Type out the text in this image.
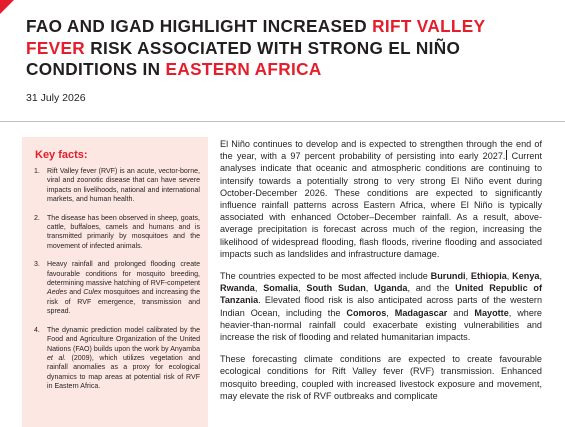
FAO AND IGAD HIGHLIGHT INCREASED RIFT VALLEY FEVER RISK ASSOCIATED WITH STRONG EL NIÑO CONDITIONS IN EASTERN AFRICA
31 July 2026
Key facts:
1.	Rift Valley fever (RVF) is an acute, vector-borne, viral and zoonotic disease that can have severe impacts on livelihoods, national and international markets, and human health.
2.	The disease has been observed in sheep, goats, cattle, buffaloes, camels and humans and is transmitted primarily by mosquitoes and the movement of infected animals.
3.	Heavy rainfall and prolonged flooding create favourable conditions for mosquito breeding, determining massive hatching of RVF-competent Aedes and Culex mosquitoes and increasing the risk of RVF emergence, transmission and spread.
4.	The dynamic prediction model calibrated by the Food and Agriculture Organization of the United Nations (FAO) builds upon the work by Anyamba et al. (2009), which utilizes vegetation and rainfall anomalies as a proxy for ecological dynamics to map areas at potential risk of RVF in Eastern Africa.

El Niño continues to develop and is expected to strengthen through the end of the year, with a 97 percent probability of persisting into early 2027. Current analyses indicate that oceanic and atmospheric conditions are continuing to intensify towards a potentially strong to very strong El Niño event during October-December 2026. These conditions are expected to significantly influence rainfall patterns across Eastern Africa, where El Niño is typically associated with enhanced October–December rainfall. As a result, above-average precipitation is forecast across much of the region, increasing the likelihood of widespread flooding, flash floods, riverine flooding and associated impacts such as landslides and infrastructure damage.

The countries expected to be most affected include Burundi, Ethiopia, Kenya, Rwanda, Somalia, South Sudan, Uganda, and the United Republic of Tanzania. Elevated flood risk is also anticipated across parts of the western Indian Ocean, including the Comoros, Madagascar and Mayotte, where heavier-than-normal rainfall could exacerbate existing vulnerabilities and increase the risk of flooding and related humanitarian impacts.

These forecasting climate conditions are expected to create favourable ecological conditions for Rift Valley fever (RVF) transmission. Enhanced mosquito breeding, coupled with increased livestock exposure and movement, may elevate the risk of RVF outbreaks and complicate
